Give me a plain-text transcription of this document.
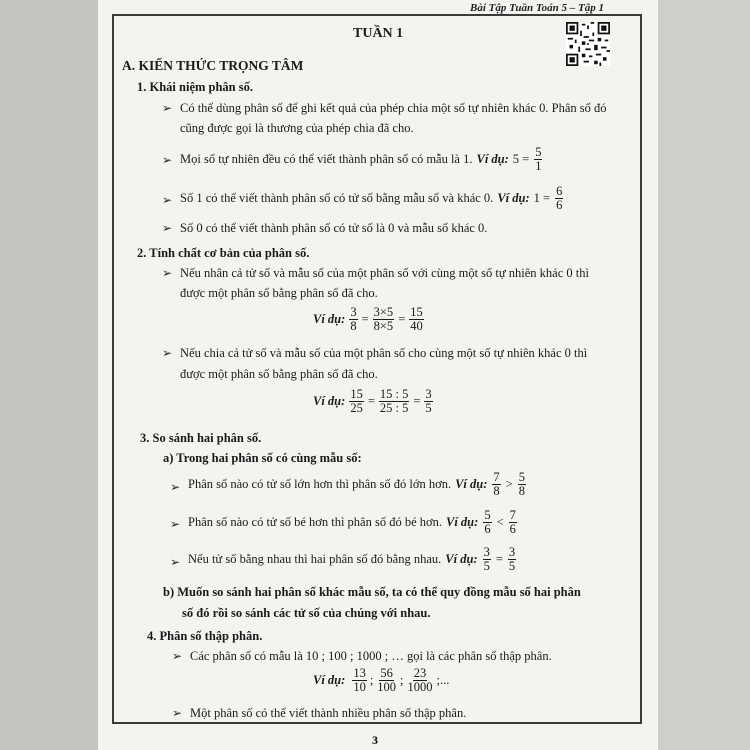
Bài Tập Tuần Toán 5 – Tập 1
TUẦN 1
A. KIẾN THỨC TRỌNG TÂM
1. Khái niệm phân số.
➢ Có thể dùng phân số để ghi kết quả của phép chia một số tự nhiên khác 0. Phân số đó
cũng được gọi là thương của phép chia đã cho.
➢ Mọi số tự nhiên đều có thể viết thành phân số có mẫu là 1. Ví dụ: $5 = \frac{5}{1}$
➢ Số 1 có thể viết thành phân số có tử số bằng mẫu số và khác 0. Ví dụ: $1 = \frac{6}{6}$
➢ Số 0 có thể viết thành phân số có tử số là 0 và mẫu số khác 0.
2. Tính chất cơ bản của phân số.
➢ Nếu nhân cả tử số và mẫu số của một phân số với cùng một số tự nhiên khác 0 thì
được một phân số bằng phân số đã cho.
Ví dụ: $\frac{3}{8} = \frac{3\times 5}{8\times 5} = \frac{15}{40}$
➢ Nếu chia cả tử số và mẫu số của một phân số cho cùng một số tự nhiên khác 0 thì
được một phân số bằng phân số đã cho.
Ví dụ: $\frac{15}{25} = \frac{15 : 5}{25 : 5} = \frac{3}{5}$
3. So sánh hai phân số.
a) Trong hai phân số có cùng mẫu số:
➢ Phân số nào có tử số lớn hơn thì phân số đó lớn hơn. Ví dụ: $\frac{7}{8} > \frac{5}{8}$
➢ Phân số nào có tử số bé hơn thì phân số đó bé hơn. Ví dụ: $\frac{5}{6} < \frac{7}{6}$
➢ Nếu tử số bằng nhau thì hai phân số đó bằng nhau. Ví dụ: $\frac{3}{5} = \frac{3}{5}$
b) Muốn so sánh hai phân số khác mẫu số, ta có thể quy đồng mẫu số hai phân
số đó rồi so sánh các tử số của chúng với nhau.
4. Phân số thập phân.
➢ Các phân số có mẫu là 10 ; 100 ; 1000 ; … gọi là các phân số thập phân.
Ví dụ: $\frac{13}{10}$ ; $\frac{56}{100}$ ; $\frac{23}{1000}$ ;...
➢ Một phân số có thể viết thành nhiều phân số thập phân.
3
